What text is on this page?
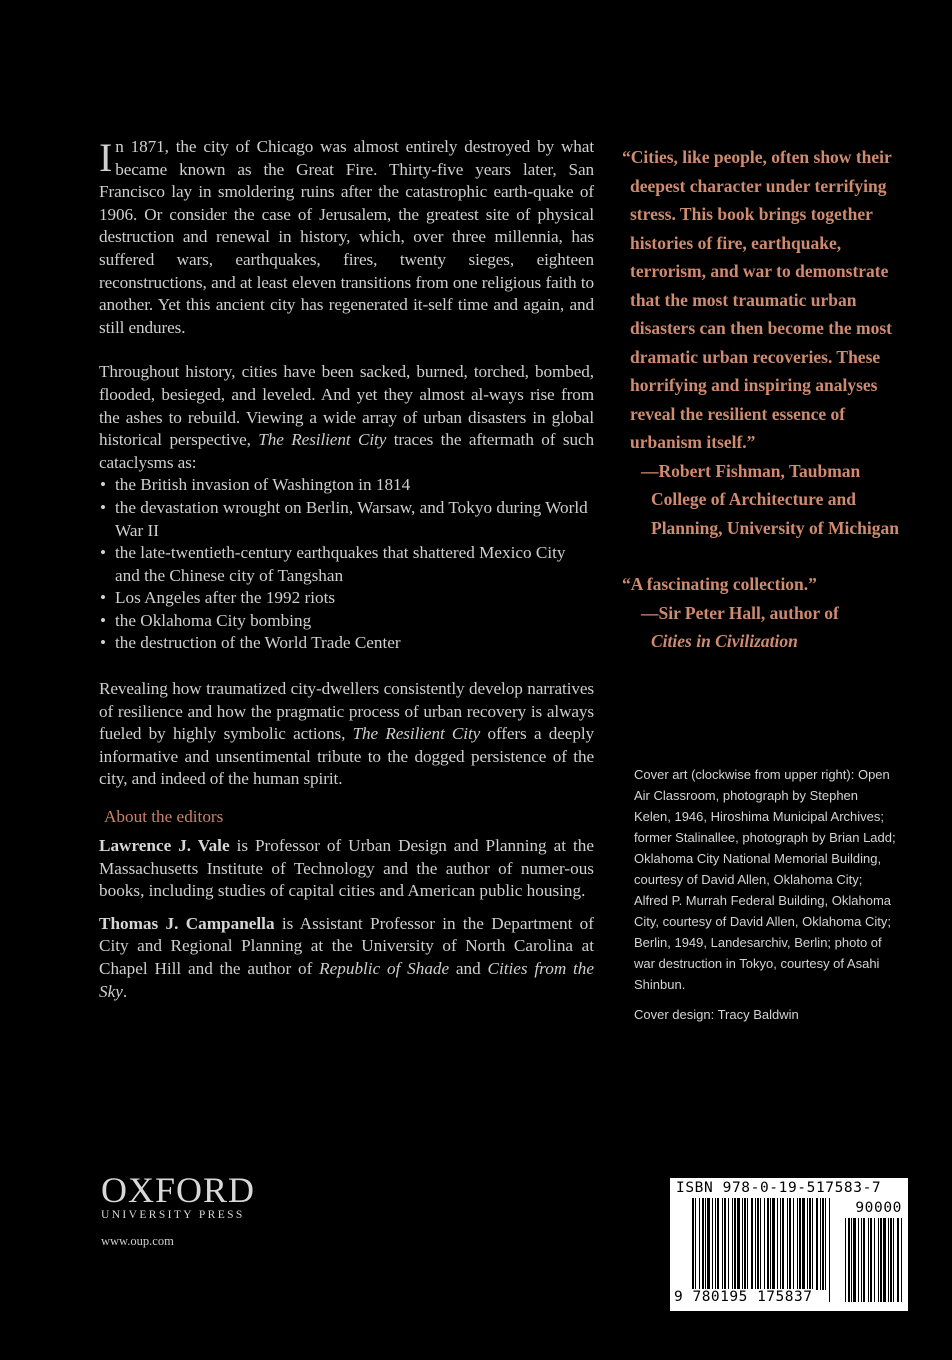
In 1871, the city of Chicago was almost entirely destroyed by what became known as the Great Fire. Thirty-five years later, San Francisco lay in smoldering ruins after the catastrophic earth-quake of 1906. Or consider the case of Jerusalem, the greatest site of physical destruction and renewal in history, which, over three millennia, has suffered wars, earthquakes, fires, twenty sieges, eighteen reconstructions, and at least eleven transitions from one religious faith to another. Yet this ancient city has regenerated it-self time and again, and still endures.

Throughout history, cities have been sacked, burned, torched, bombed, flooded, besieged, and leveled. And yet they almost al-ways rise from the ashes to rebuild. Viewing a wide array of urban disasters in global historical perspective, The Resilient City traces the aftermath of such cataclysms as:

• the British invasion of Washington in 1814
• the devastation wrought on Berlin, Warsaw, and Tokyo during World War II
• the late-twentieth-century earthquakes that shattered Mexico City and the Chinese city of Tangshan
• Los Angeles after the 1992 riots
• the Oklahoma City bombing
• the destruction of the World Trade Center

Revealing how traumatized city-dwellers consistently develop narratives of resilience and how the pragmatic process of urban recovery is always fueled by highly symbolic actions, The Resilient City offers a deeply informative and unsentimental tribute to the dogged persistence of the city, and indeed of the human spirit.

About the editors

Lawrence J. Vale is Professor of Urban Design and Planning at the Massachusetts Institute of Technology and the author of numer-ous books, including studies of capital cities and American public housing.

Thomas J. Campanella is Assistant Professor in the Department of City and Regional Planning at the University of North Carolina at Chapel Hill and the author of Republic of Shade and Cities from the Sky.

“Cities, like people, often show their deepest character under terrifying stress. This book brings together histories of fire, earthquake, terrorism, and war to demonstrate that the most traumatic urban disasters can then become the most dramatic urban recoveries. These horrifying and inspiring analyses reveal the resilient essence of urbanism itself.”
—Robert Fishman, Taubman College of Architecture and Planning, University of Michigan
“A fascinating collection.”
—Sir Peter Hall, author of
Cities in Civilization

Cover art (clockwise from upper right): Open Air Classroom, photograph by Stephen Kelen, 1946, Hiroshima Municipal Archives; former Stalinallee, photograph by Brian Ladd; Oklahoma City National Memorial Building, courtesy of David Allen, Oklahoma City; Alfred P. Murrah Federal Building, Oklahoma City, courtesy of David Allen, Oklahoma City; Berlin, 1949, Landesarchiv, Berlin; photo of war destruction in Tokyo, courtesy of Asahi Shinbun.

Cover design: Tracy Baldwin

OXFORD
UNIVERSITY PRESS
www.oup.com
ISBN 978-0-19-517583-7
90000
9 780195 175837
